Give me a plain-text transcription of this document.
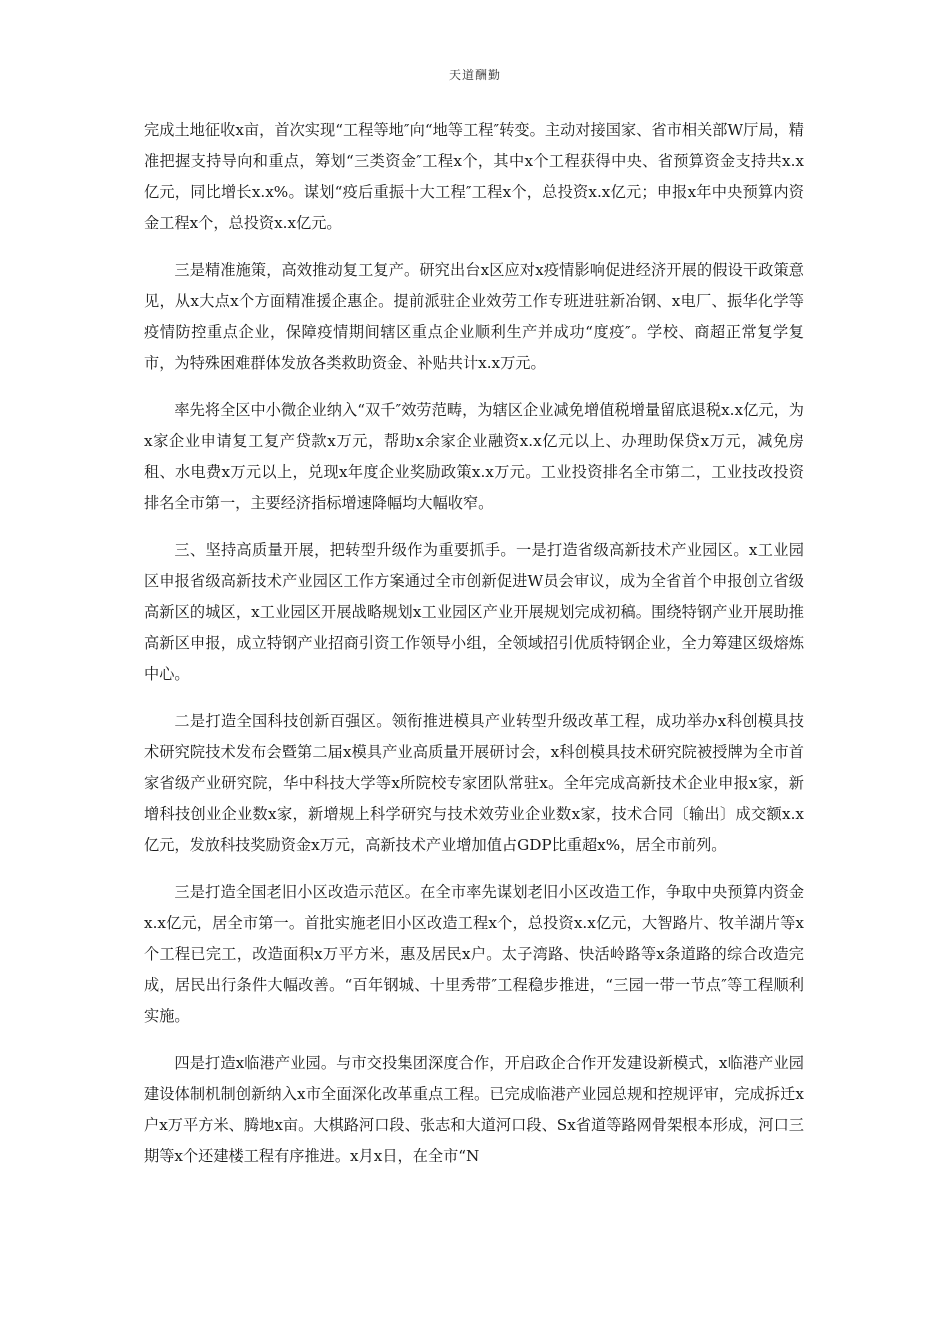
天道酬勤

完成土地征收x亩，首次实现“工程等地″向“地等工程″转变。主动对接国家、省市相关部W厅局，精准把握支持导向和重点，筹划“三类资金″工程x个，其中x个工程获得中央、省预算资金支持共x.x亿元，同比增长x.x%。谋划“疫后重振十大工程″工程x个，总投资x.x亿元；申报x年中央预算内资金工程x个，总投资x.x亿元。

三是精准施策，高效推动复工复产。研究出台x区应对x疫情影响促进经济开展的假设干政策意见，从x大点x个方面精准援企惠企。提前派驻企业效劳工作专班进驻新冶钢、x电厂、振华化学等疫情防控重点企业，保障疫情期间辖区重点企业顺利生产并成功“度疫″。学校、商超正常复学复市，为特殊困难群体发放各类救助资金、补贴共计x.x万元。

率先将全区中小微企业纳入“双千″效劳范畴，为辖区企业减免增值税增量留底退税x.x亿元，为x家企业申请复工复产贷款x万元，帮助x余家企业融资x.x亿元以上、办理助保贷x万元，减免房租、水电费x万元以上，兑现x年度企业奖励政策x.x万元。工业投资排名全市第二，工业技改投资排名全市第一，主要经济指标增速降幅均大幅收窄。

三、坚持高质量开展，把转型升级作为重要抓手。一是打造省级高新技术产业园区。x工业园区申报省级高新技术产业园区工作方案通过全市创新促进W员会审议，成为全省首个申报创立省级高新区的城区，x工业园区开展战略规划x工业园区产业开展规划完成初稿。围绕特钢产业开展助推高新区申报，成立特钢产业招商引资工作领导小组，全领域招引优质特钢企业，全力筹建区级熔炼中心。

二是打造全国科技创新百强区。领衔推进模具产业转型升级改革工程，成功举办x科创模具技术研究院技术发布会暨第二届x模具产业高质量开展研讨会，x科创模具技术研究院被授牌为全市首家省级产业研究院，华中科技大学等x所院校专家团队常驻x。全年完成高新技术企业申报x家，新增科技创业企业数x家，新增规上科学研究与技术效劳业企业数x家，技术合同〔输出〕成交额x.x亿元，发放科技奖励资金x万元，高新技术产业增加值占GDP比重超x%，居全市前列。

三是打造全国老旧小区改造示范区。在全市率先谋划老旧小区改造工作，争取中央预算内资金x.x亿元，居全市第一。首批实施老旧小区改造工程x个，总投资x.x亿元，大智路片、牧羊湖片等x个工程已完工，改造面积x万平方米，惠及居民x户。太子湾路、快活岭路等x条道路的综合改造完成，居民出行条件大幅改善。“百年钢城、十里秀带″工程稳步推进，“三园一带一节点″等工程顺利实施。

四是打造x临港产业园。与市交投集团深度合作，开启政企合作开发建设新模式，x临港产业园建设体制机制创新纳入x市全面深化改革重点工程。已完成临港产业园总规和控规评审，完成拆迁x户x万平方米、腾地x亩。大棋路河口段、张志和大道河口段、Sx省道等路网骨架根本形成，河口三期等x个还建楼工程有序推进。x月x日，在全市“N
